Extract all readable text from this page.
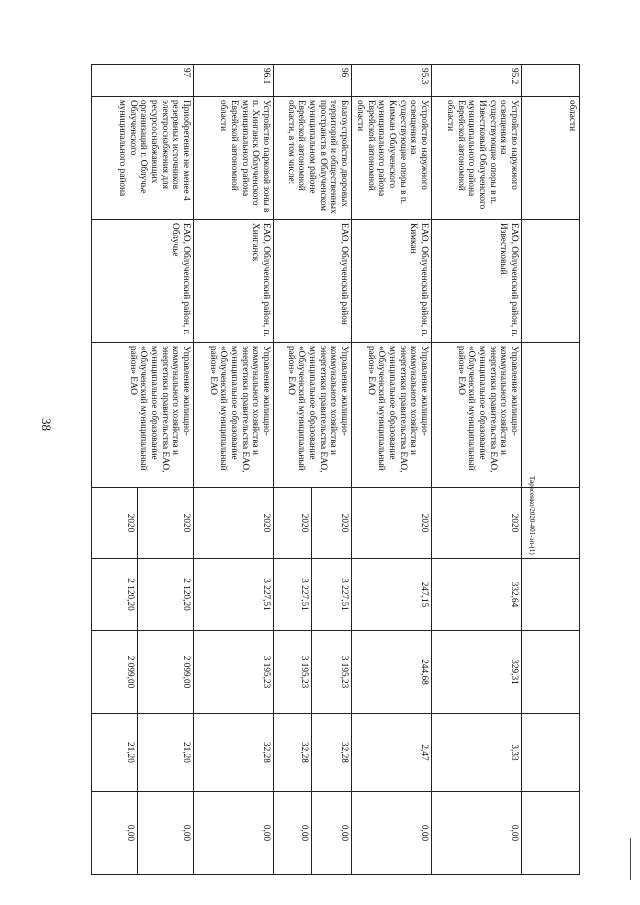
38
Тарасенко/2020-401-эп-(1)
	области							
95.2	Устройство наружного освещения на существующие опоры в п. Известковый Облученского муниципального района Еврейской автономной области	ЕАО, Облученский район, п. Известковый	Управление жилищно-коммунального хозяйства и энергетики правительства ЕАО, муниципальное образование «Облученский муниципальный район» ЕАО	2020	332,64	329,31	3,33	0,00
95.3	Устройство наружного освещения на существующие опоры в п. Кимкан Облученского муниципального района Еврейской автономной области	ЕАО, Облученский район, п. Кимкан	Управление жилищно-коммунального хозяйства и энергетики правительства ЕАО, муниципальное образование «Облученский муниципальный район» ЕАО	2020	247,15	244,68	2,47	0,00
96	Благоустройство дворовых территорий и общественных пространств в Облученском муниципальном районе Еврейской автономной области, в том числе:	ЕАО, Облученский район	Управление жилищно-коммунального хозяйства и энергетики правительства ЕАО, муниципальное образование «Облученский муниципальный район» ЕАО	2020	3 227,51	3 195,23	32,28	0,00
				2020	3 227,51	3 195,23	32,28	0,00
96.1	Устройство парковой зоны в п. Хинганск Облученского муниципального района Еврейской автономной области	ЕАО, Облученский район, п. Хинганск	Управление жилищно-коммунального хозяйства и энергетики правительства ЕАО, муниципальное образование «Облученский муниципальный район» ЕАО	2020	3 227,51	3 195,23	32,28	0,00
97	Приобретение не менее 4 резервных источников электроснабжения для ресурсоснабжающих организаций г. Облучье Облученского муниципального района	ЕАО, Облученский район, г. Облучье	Управление жилищно-коммунального хозяйства и энергетики правительства ЕАО, муниципальное образование «Облученский муниципальный район» ЕАО	2020	2 120,20	2 099,00	21,20	0,00
				2020	2 120,20	2 099,00	21,20	0,00
